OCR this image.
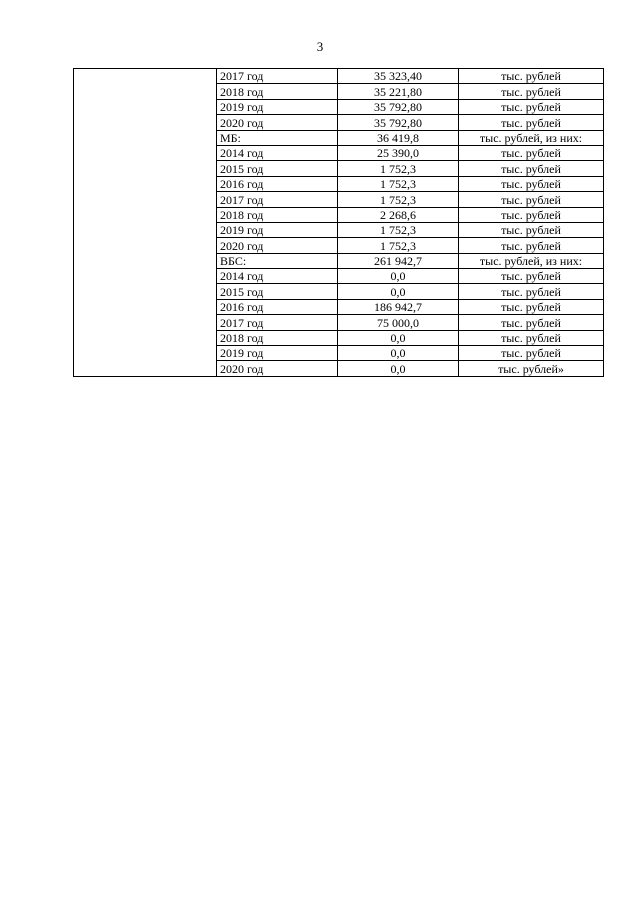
3
	2017 год	35 323,40	тыс. рублей
	2018 год	35 221,80	тыс. рублей
	2019 год	35 792,80	тыс. рублей
	2020 год	35 792,80	тыс. рублей
	МБ:	36 419,8	тыс. рублей, из них:
	2014 год	25 390,0	тыс. рублей
	2015 год	1 752,3	тыс. рублей
	2016 год	1 752,3	тыс. рублей
	2017 год	1 752,3	тыс. рублей
	2018 год	2 268,6	тыс. рублей
	2019 год	1 752,3	тыс. рублей
	2020 год	1 752,3	тыс. рублей
	ВБС:	261 942,7	тыс. рублей, из них:
	2014 год	0,0	тыс. рублей
	2015 год	0,0	тыс. рублей
	2016 год	186 942,7	тыс. рублей
	2017 год	75 000,0	тыс. рублей
	2018 год	0,0	тыс. рублей
	2019 год	0,0	тыс. рублей
	2020 год	0,0	тыс. рублей»
